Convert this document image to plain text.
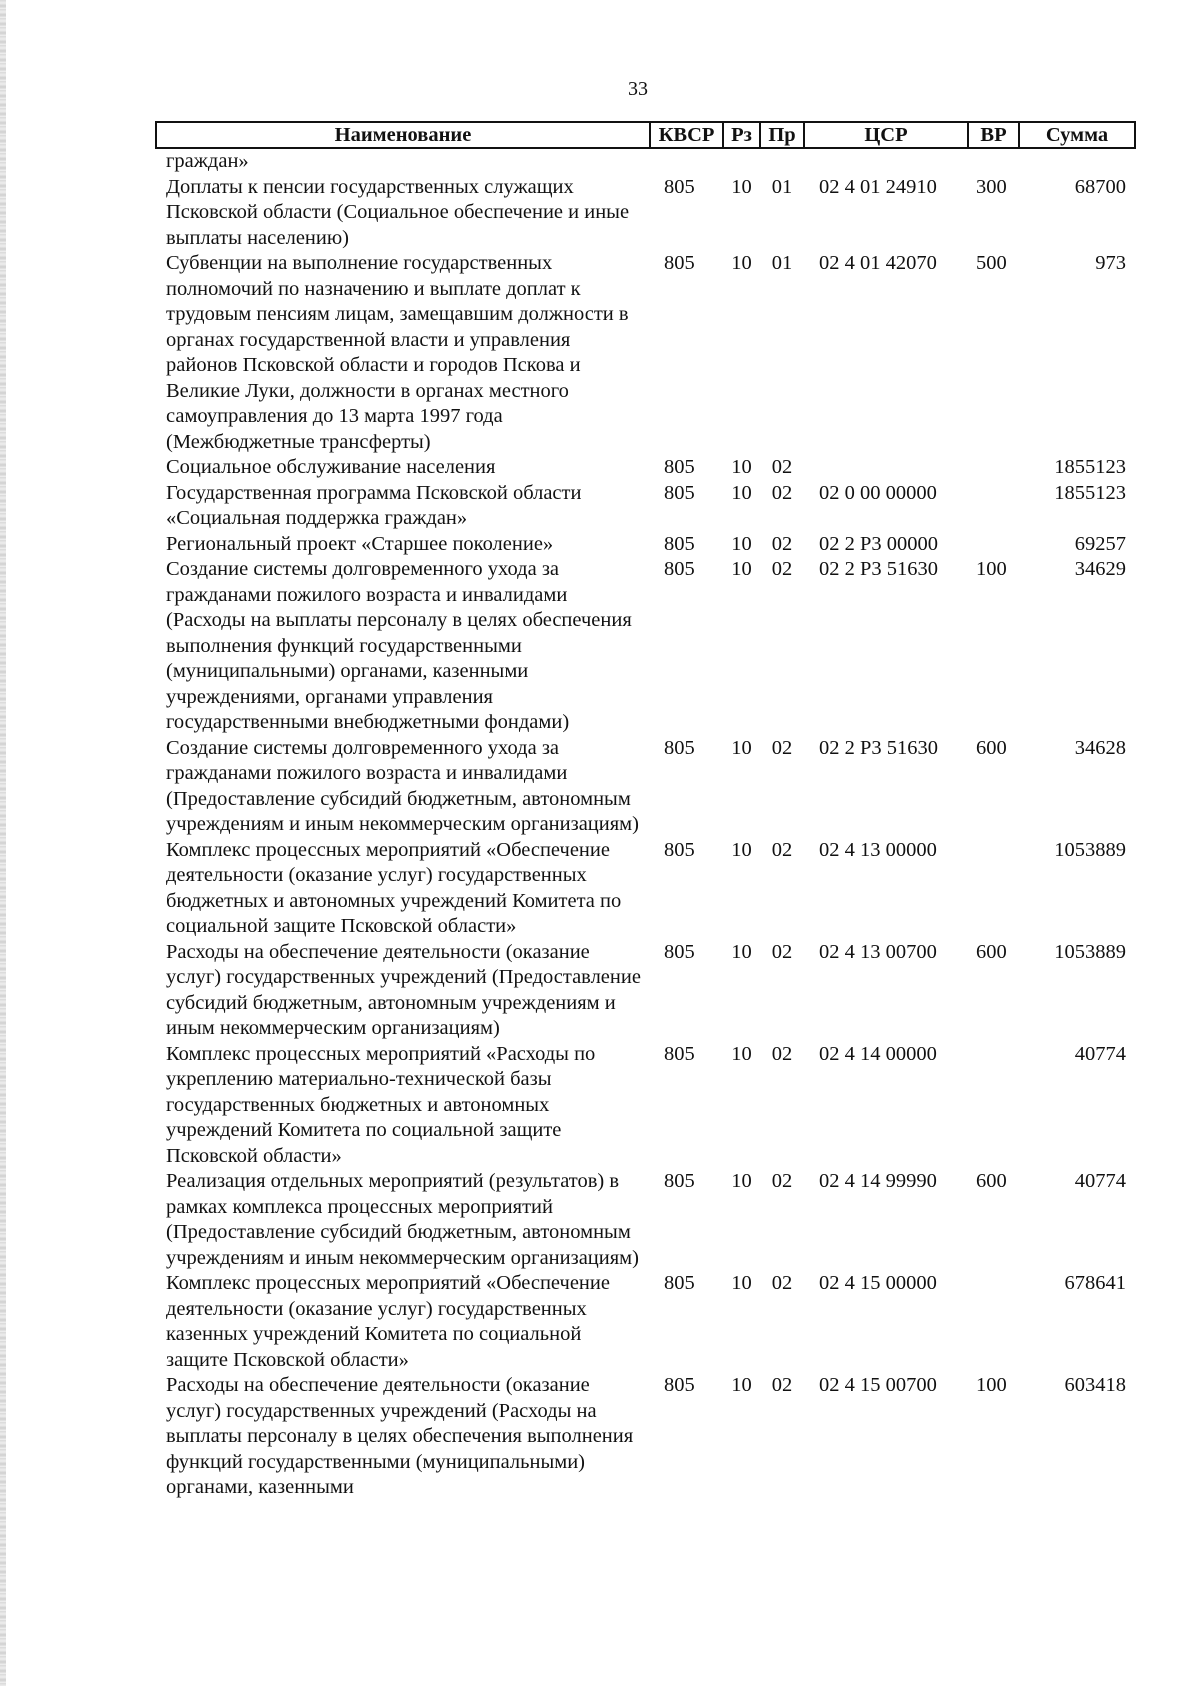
33
Наименование	КВСР	Рз	Пр	ЦСР	ВР	Сумма
граждан»						
Доплаты к пенсии государственных служащих Псковской области (Социальное обеспечение и иные выплаты населению)	805	10	01	02 4 01 24910	300	68700
Субвенции на выполнение государственных полномочий по назначению и выплате доплат к трудовым пенсиям лицам, замещавшим должности в органах государственной власти и управления районов Псковской области и городов Пскова и Великие Луки, должности в органах местного самоуправления до 13 марта 1997 года (Межбюджетные трансферты)	805	10	01	02 4 01 42070	500	973
Социальное обслуживание населения	805	10	02			1855123
Государственная программа Псковской области «Социальная поддержка граждан»	805	10	02	02 0 00 00000		1855123
Региональный проект «Старшее поколение»	805	10	02	02 2 P3 00000		69257
Создание системы долговременного ухода за гражданами пожилого возраста и инвалидами (Расходы на выплаты персоналу в целях обеспечения выполнения функций государственными (муниципальными) органами, казенными учреждениями, органами управления государственными внебюджетными фондами)	805	10	02	02 2 P3 51630	100	34629
Создание системы долговременного ухода за гражданами пожилого возраста и инвалидами (Предоставление субсидий бюджетным, автономным учреждениям и иным некоммерческим организациям)	805	10	02	02 2 P3 51630	600	34628
Комплекс процессных мероприятий «Обеспечение деятельности (оказание услуг) государственных бюджетных и автономных учреждений Комитета по социальной защите Псковской области»	805	10	02	02 4 13 00000		1053889
Расходы на обеспечение деятельности (оказание услуг) государственных учреждений (Предоставление субсидий бюджетным, автономным учреждениям и иным некоммерческим организациям)	805	10	02	02 4 13 00700	600	1053889
Комплекс процессных мероприятий «Расходы по укреплению материально-технической базы государственных бюджетных и автономных учреждений Комитета по социальной защите Псковской области»	805	10	02	02 4 14 00000		40774
Реализация отдельных мероприятий (результатов) в рамках комплекса процессных мероприятий (Предоставление субсидий бюджетным, автономным учреждениям и иным некоммерческим организациям)	805	10	02	02 4 14 99990	600	40774
Комплекс процессных мероприятий «Обеспечение деятельности (оказание услуг) государственных казенных учреждений Комитета по социальной защите Псковской области»	805	10	02	02 4 15 00000		678641
Расходы на обеспечение деятельности (оказание услуг) государственных учреждений (Расходы на выплаты персоналу в целях обеспечения выполнения функций государственными (муниципальными) органами, казенными	805	10	02	02 4 15 00700	100	603418
